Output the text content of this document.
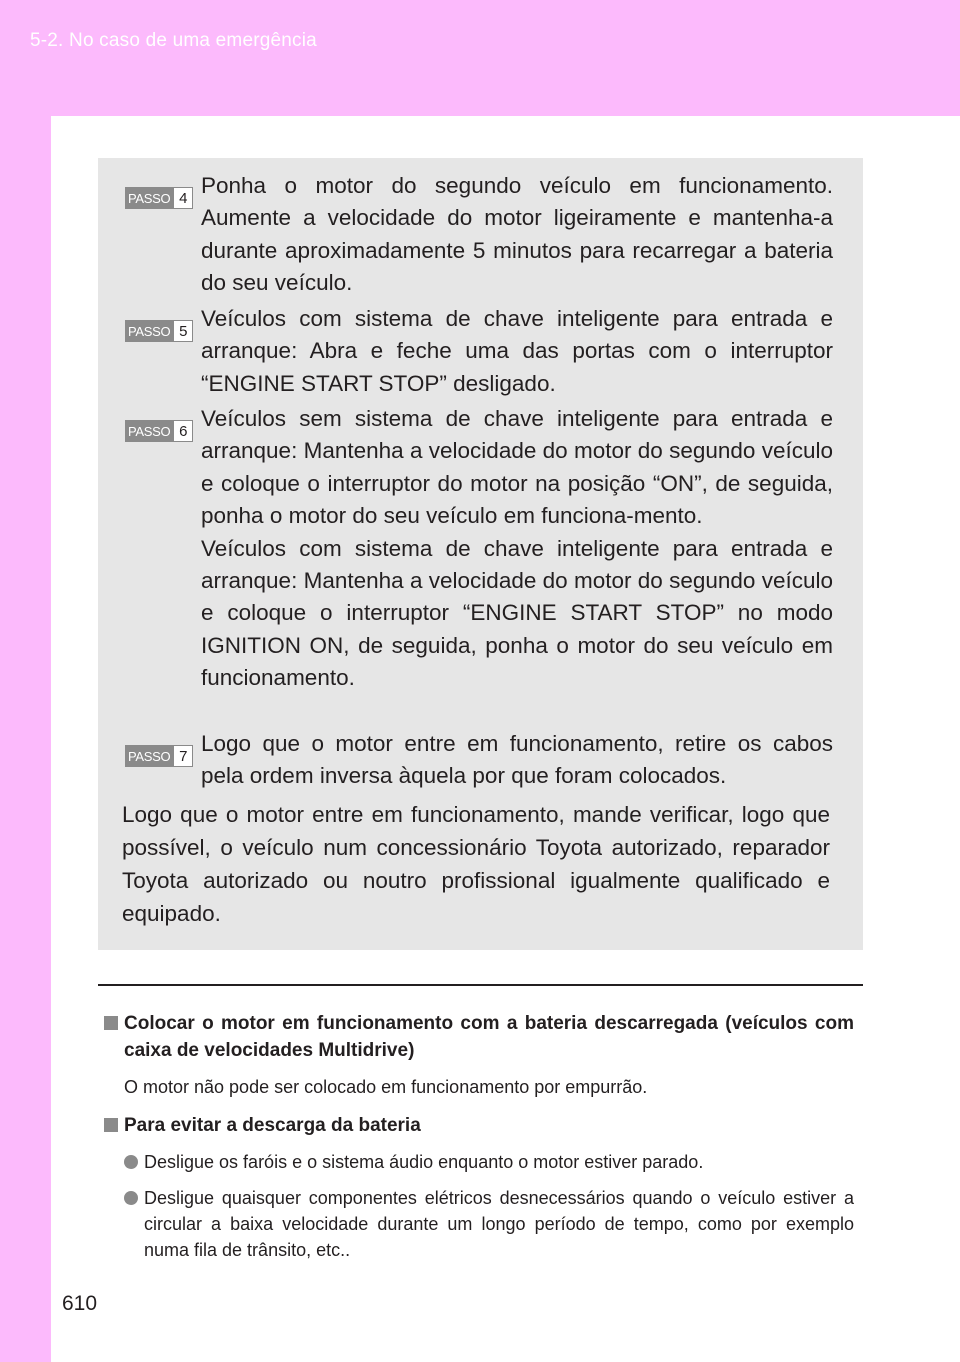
5-2. No caso de uma emergência
PASSO 4 Ponha o motor do segundo veículo em funcionamento. Aumente a velocidade do motor ligeiramente e mantenha-a durante aproximadamente 5 minutos para recarregar a bateria do seu veículo.
PASSO 5 Veículos com sistema de chave inteligente para entrada e arranque: Abra e feche uma das portas com o interruptor “ENGINE START STOP” desligado.
PASSO 6 Veículos sem sistema de chave inteligente para entrada e arranque: Mantenha a velocidade do motor do segundo veículo e coloque o interruptor do motor na posição “ON”, de seguida, ponha o motor do seu veículo em funciona-mento.
Veículos com sistema de chave inteligente para entrada e arranque: Mantenha a velocidade do motor do segundo veículo e coloque o interruptor “ENGINE START STOP” no modo IGNITION ON, de seguida, ponha o motor do seu veículo em funcionamento.
PASSO 7 Logo que o motor entre em funcionamento, retire os cabos pela ordem inversa àquela por que foram colocados.
Logo que o motor entre em funcionamento, mande verificar, logo que possível, o veículo num concessionário Toyota autorizado, reparador Toyota autorizado ou noutro profissional igualmente qualificado e equipado.
Colocar o motor em funcionamento com a bateria descarregada (veículos com caixa de velocidades Multidrive)
O motor não pode ser colocado em funcionamento por empurrão.
Para evitar a descarga da bateria
Desligue os faróis e o sistema áudio enquanto o motor estiver parado.
Desligue quaisquer componentes elétricos desnecessários quando o veículo estiver a circular a baixa velocidade durante um longo período de tempo, como por exemplo numa fila de trânsito, etc..
610
